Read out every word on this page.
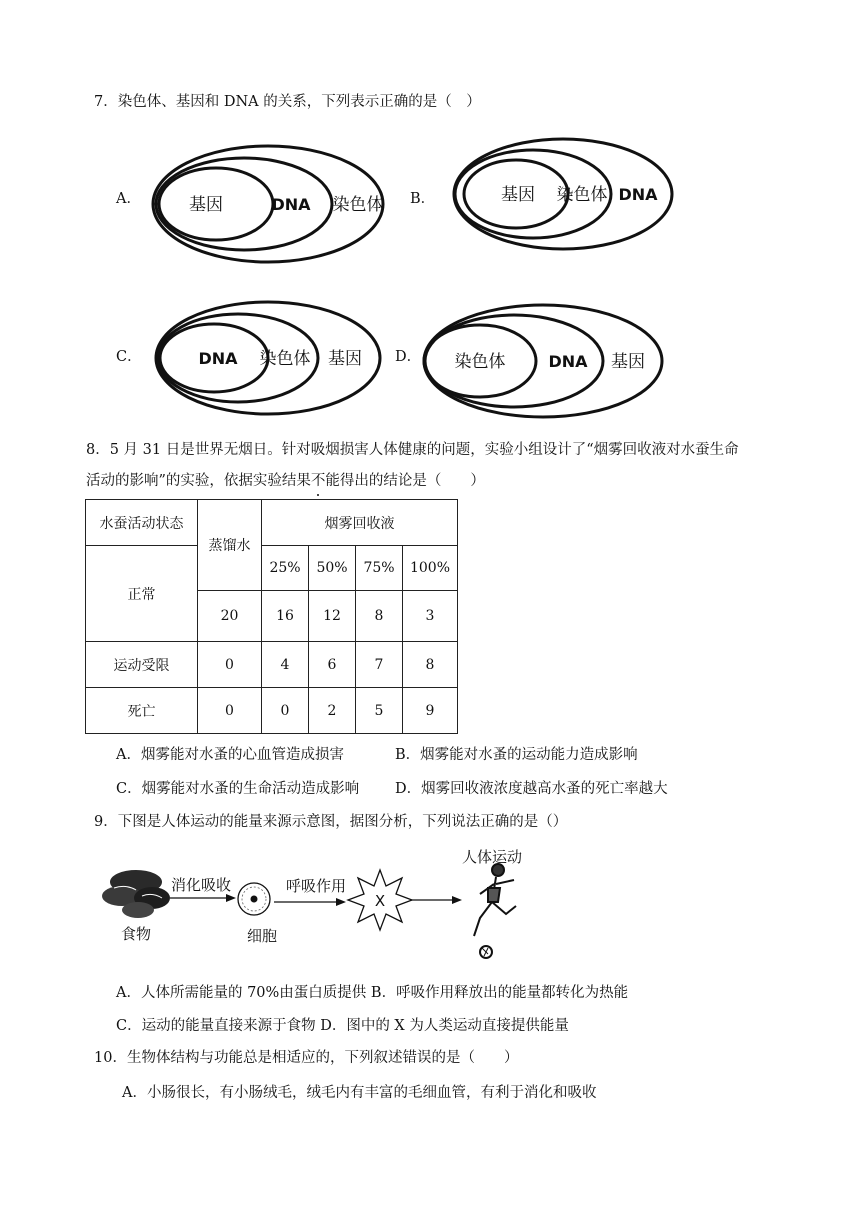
7．染色体、基因和 DNA 的关系，下列表示正确的是（　）
A．	基因	DNA 染色体 B．	基因 染色体 DNA
C．	DNA 染色体 基因 D． 染色体	DNA 基因
8．5 月 31 日是世界无烟日。针对吸烟损害人体健康的问题，实验小组设计了“烟雾回收液对水蚕生命
活动的影响”的实验，依据实验结果不能得出的结论是（　　）
水蚕活动状态	蒸馏水	烟雾回收液			
正常		25%	50%	75%	100%
	20	16	12	8	3
运动受限	0	4	6	7	8
死亡	0	0	2	5	9
A．烟雾能对水蚤的心血管造成损害	B．烟雾能对水蚤的运动能力造成影响
C．烟雾能对水蚤的生命活动造成影响 D．烟雾回收液浓度越高水蚤的死亡率越大
9．下图是人体运动的能量来源示意图，据图分析，下列说法正确的是（）
食物
消化吸收
细胞
呼吸作用
X
人体运动
A．人体所需能量的 70%由蛋白质提供 B．呼吸作用释放出的能量都转化为热能
C．运动的能量直接来源于食物 D．图中的 X 为人类运动直接提供能量
10．生物体结构与功能总是相适应的，下列叙述错误的是（　　）
A．小肠很长，有小肠绒毛，绒毛内有丰富的毛细血管，有利于消化和吸收
